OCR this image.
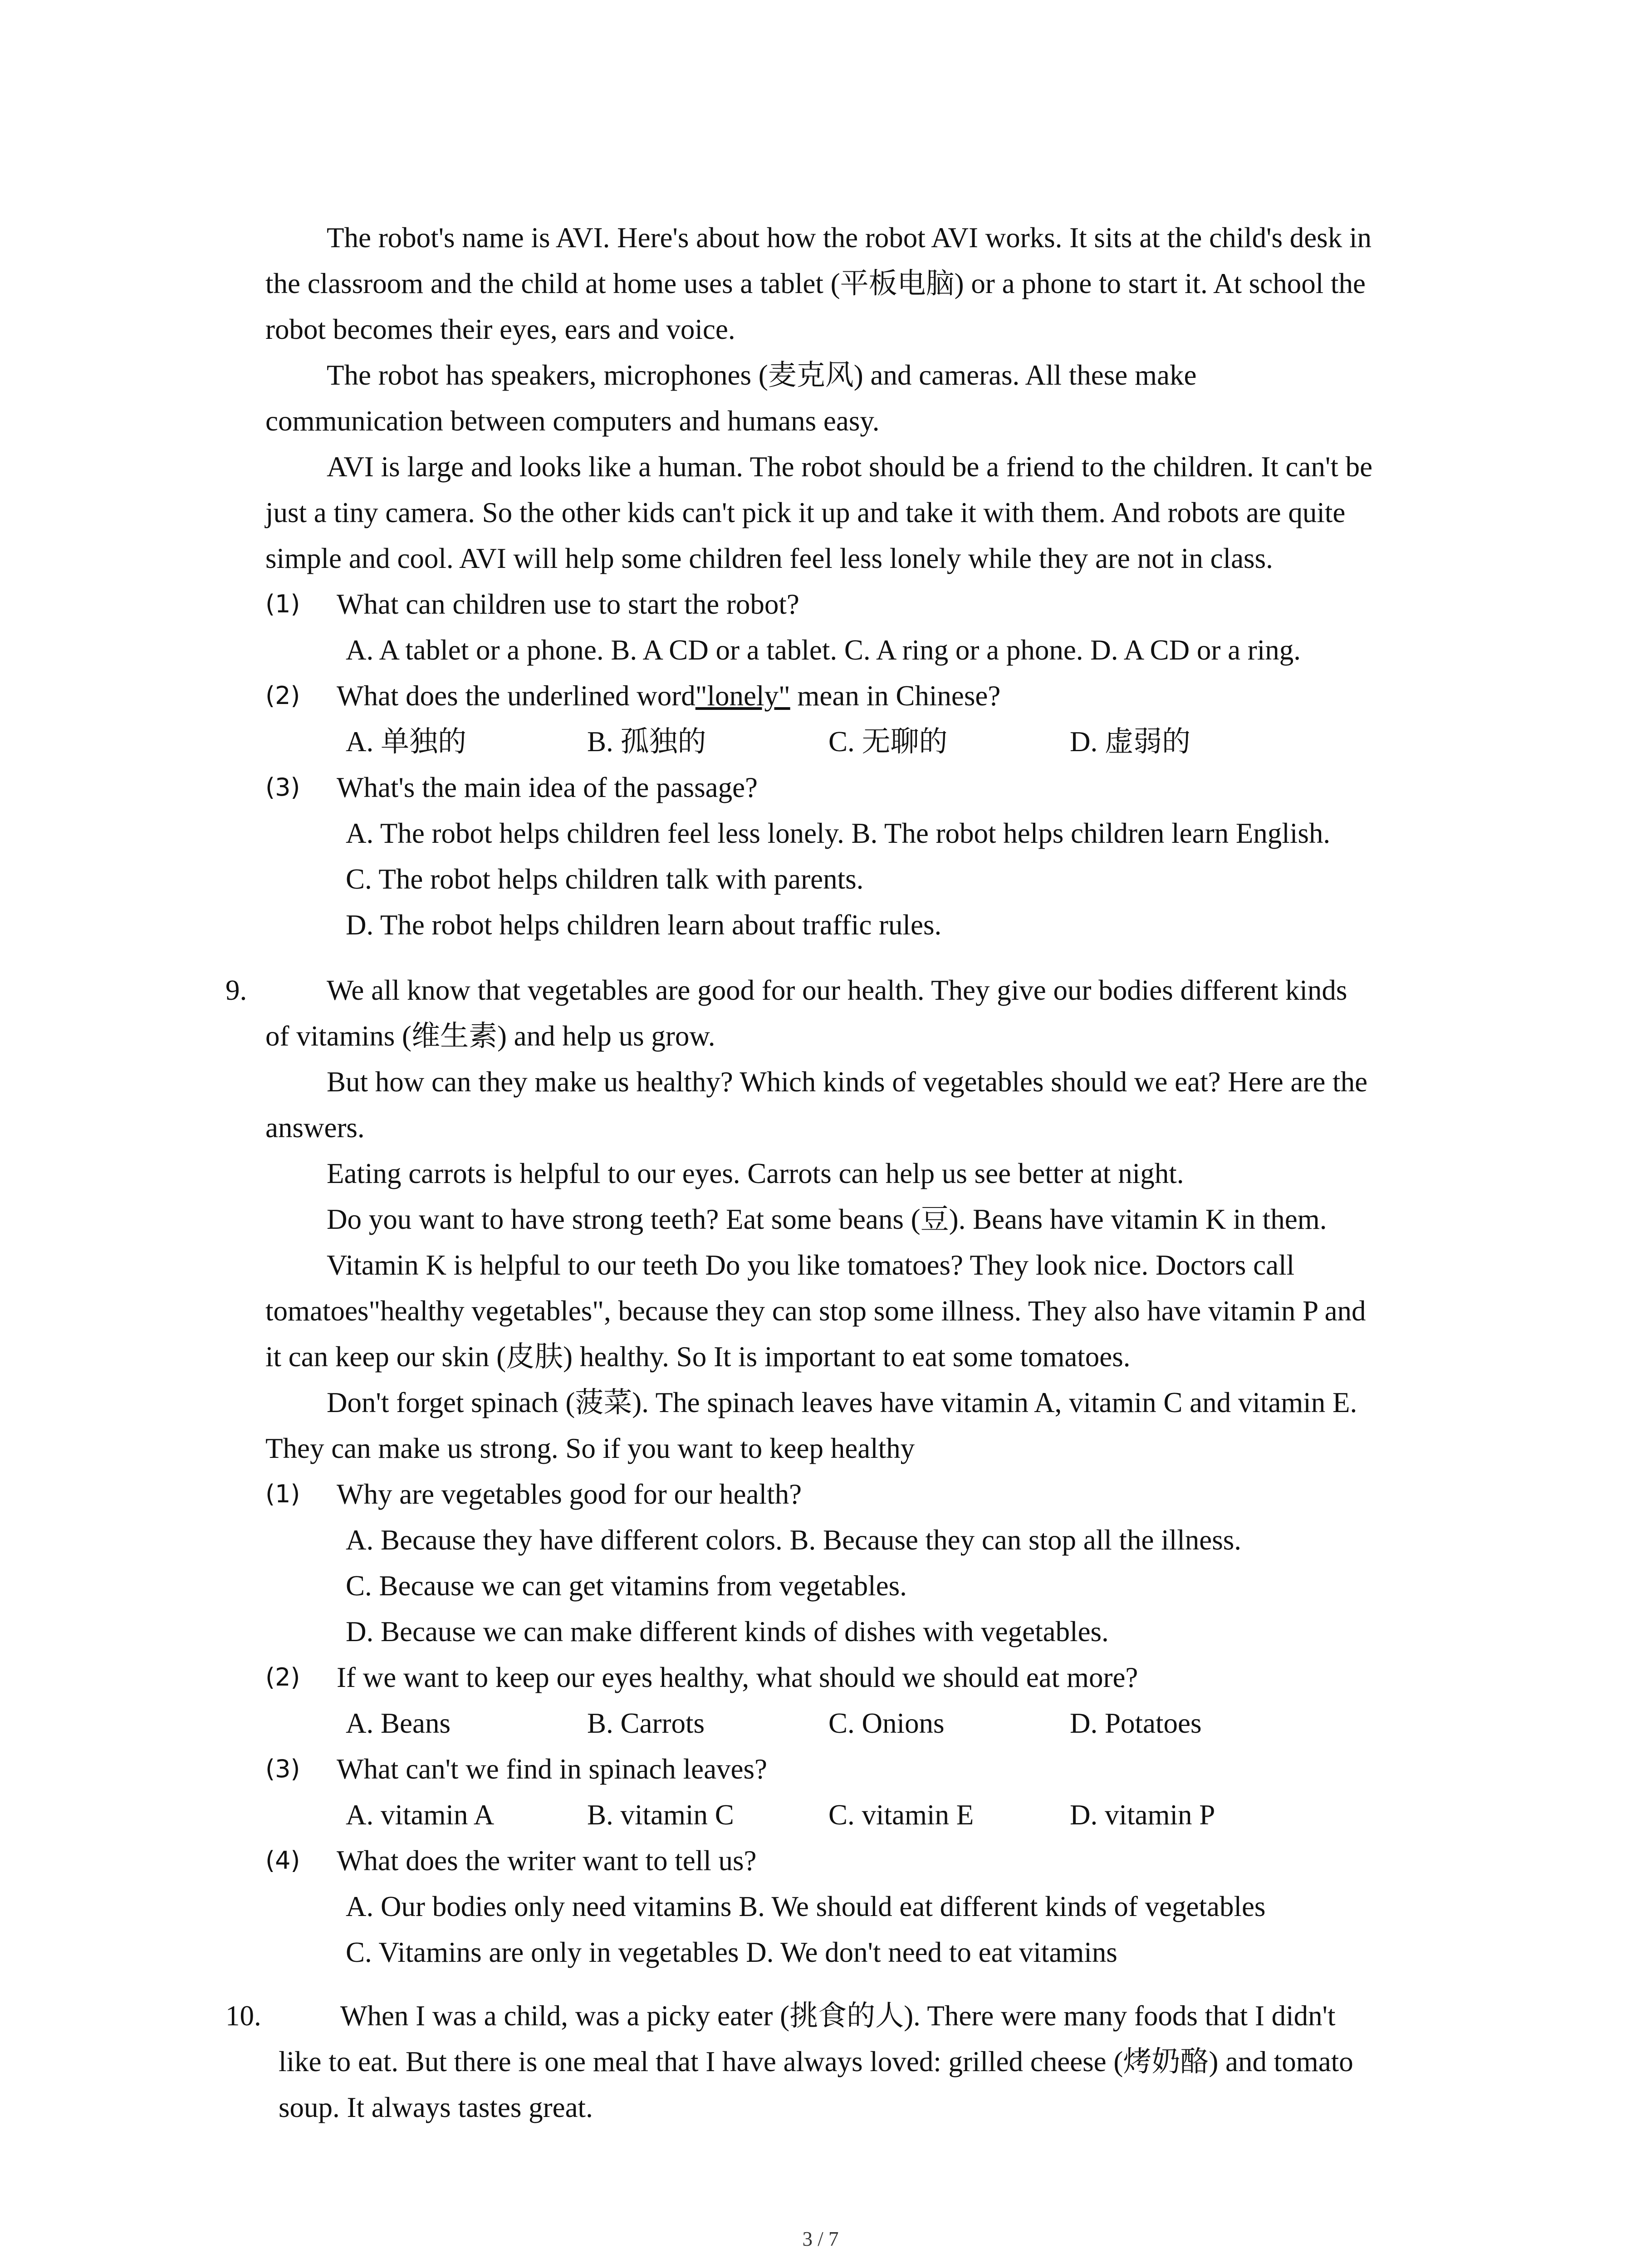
The robot's name is AVI. Here's about how the robot AVI works. It sits at the child's desk in
the classroom and the child at home uses a tablet (平板电脑) or a phone to start it. At school the
robot becomes their eyes, ears and voice.
The robot has speakers, microphones (麦克风) and cameras. All these make
communication between computers and humans easy.
AVI is large and looks like a human. The robot should be a friend to the children. It can't be
just a tiny camera. So the other kids can't pick it up and take it with them. And robots are quite
simple and cool. AVI will help some children feel less lonely while they are not in class.
(1) What can children use to start the robot?
A. A tablet or a phone. B. A CD or a tablet. C. A ring or a phone. D. A CD or a ring.
(2) What does the underlined word"lonely" mean in Chinese?
A. 单独的	B. 孤独的	C. 无聊的	D. 虚弱的
(3) What's the main idea of the passage?
A. The robot helps children feel less lonely. B. The robot helps children learn English.
C. The robot helps children talk with parents.
D. The robot helps children learn about traffic rules.
9.	We all know that vegetables are good for our health. They give our bodies different kinds
of vitamins (维生素) and help us grow.
But how can they make us healthy? Which kinds of vegetables should we eat? Here are the
answers.
Eating carrots is helpful to our eyes. Carrots can help us see better at night.
Do you want to have strong teeth? Eat some beans (豆). Beans have vitamin K in them.
Vitamin K is helpful to our teeth Do you like tomatoes? They look nice. Doctors call
tomatoes"healthy vegetables", because they can stop some illness. They also have vitamin P and
it can keep our skin (皮肤) healthy. So It is important to eat some tomatoes.
Don't forget spinach (菠菜). The spinach leaves have vitamin A, vitamin C and vitamin E.
They can make us strong. So if you want to keep healthy
(1) Why are vegetables good for our health?
A. Because they have different colors. B. Because they can stop all the illness.
C. Because we can get vitamins from vegetables.
D. Because we can make different kinds of dishes with vegetables.
(2) If we want to keep our eyes healthy, what should we should eat more?
A. Beans	B. Carrots	C. Onions	D. Potatoes
(3) What can't we find in spinach leaves?
A. vitamin A	B. vitamin C	C. vitamin E	D. vitamin P
(4) What does the writer want to tell us?
A. Our bodies only need vitamins B. We should eat different kinds of vegetables
C. Vitamins are only in vegetables D. We don't need to eat vitamins
10.	When I was a child, was a picky eater (挑食的人). There were many foods that I didn't
like to eat. But there is one meal that I have always loved: grilled cheese (烤奶酪) and tomato
soup. It always tastes great.
3 / 7
